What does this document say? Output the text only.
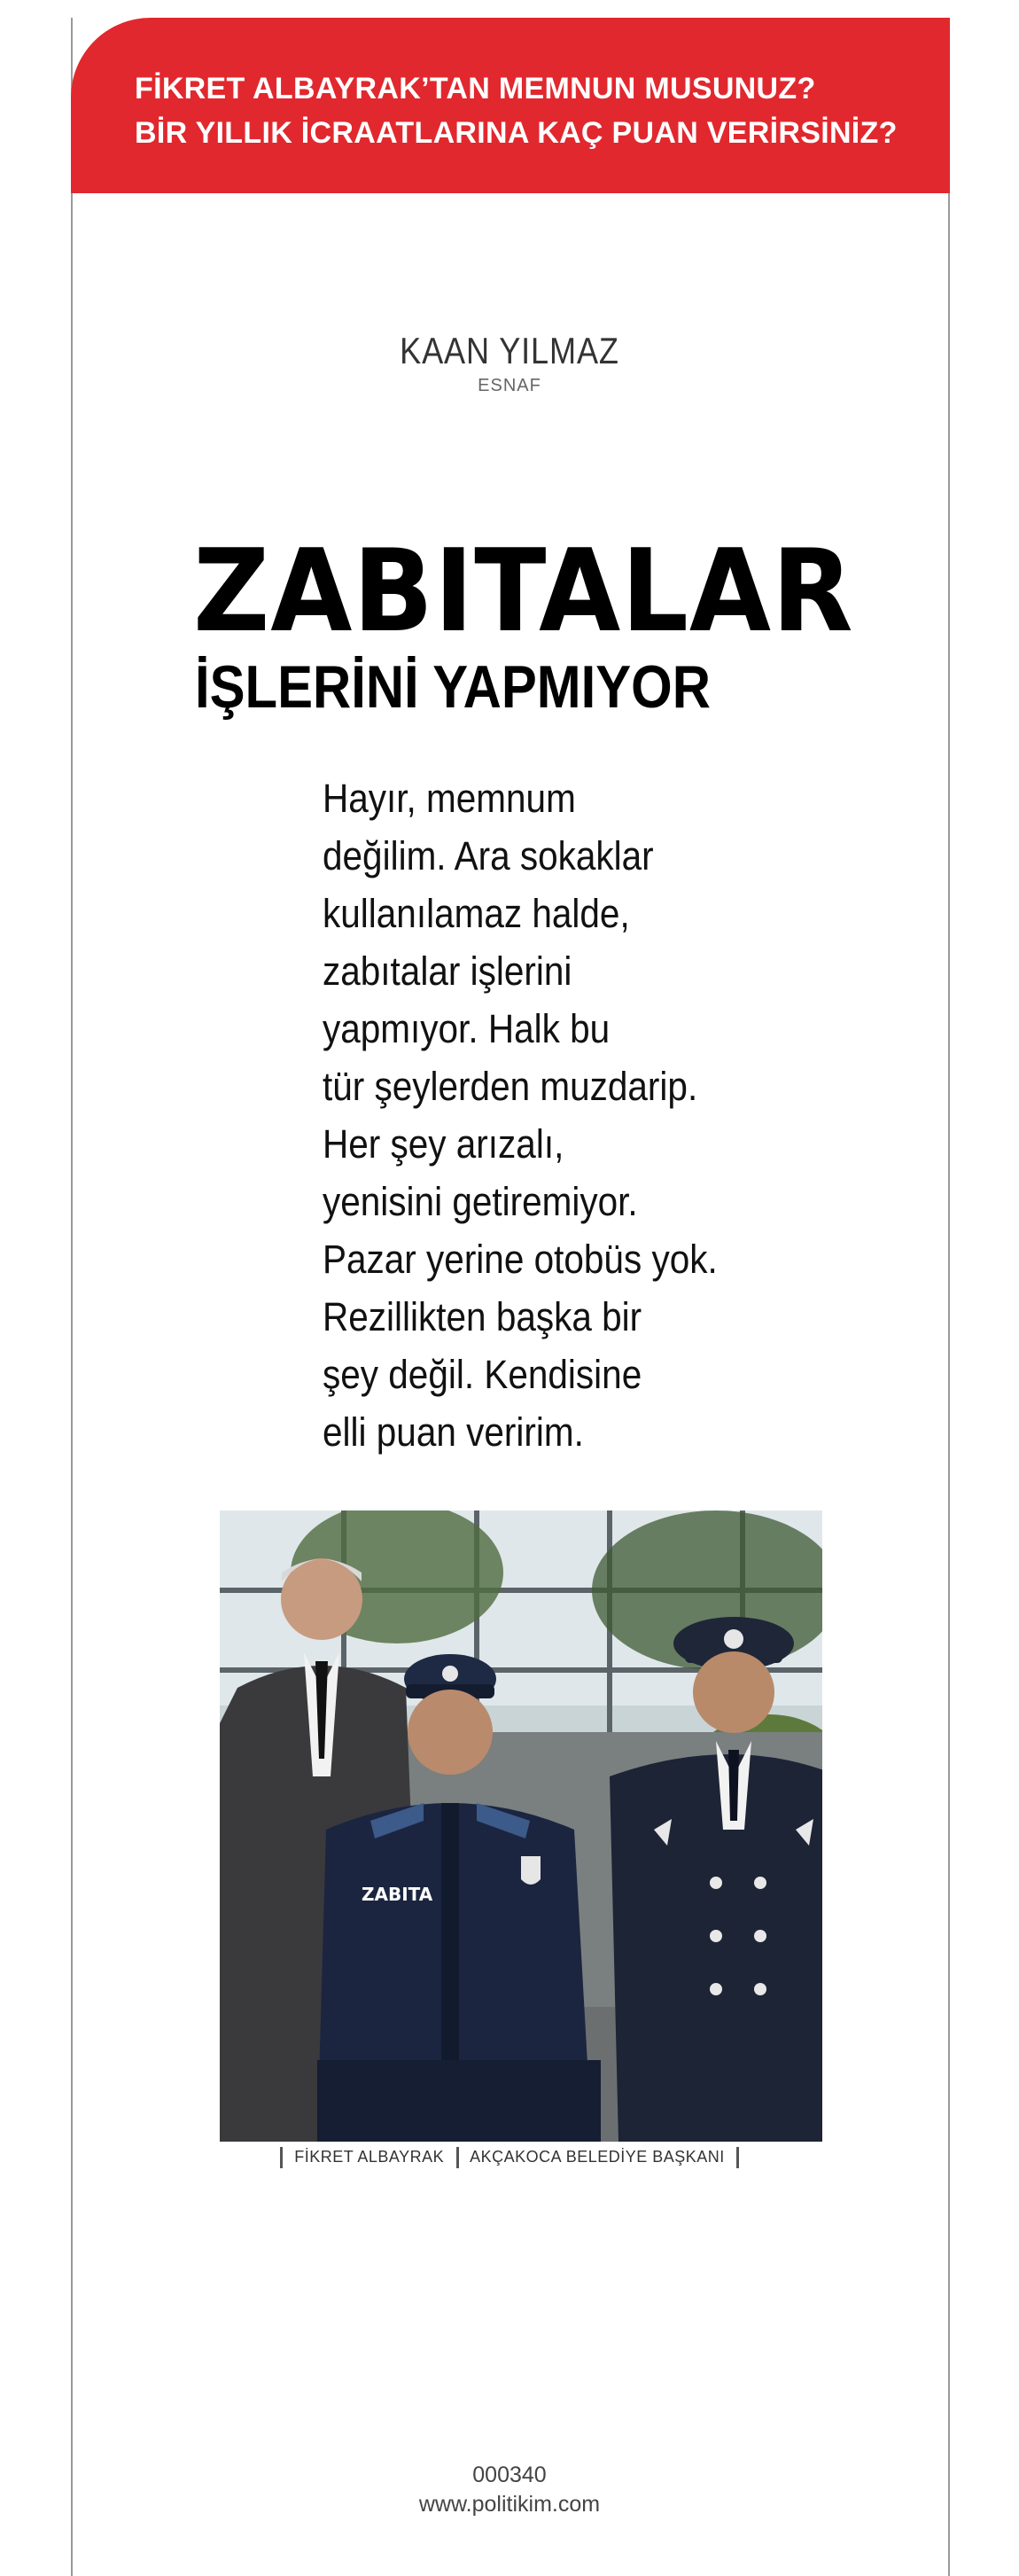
FİKRET ALBAYRAK’TAN MEMNUN MUSUNUZ?
BİR YILLIK İCRAATLARINA KAÇ PUAN VERİRSİNİZ?
KAAN YILMAZ
ESNAF
ZABITALAR
İŞLERİNİ YAPMIYOR
Hayır, memnum
değilim. Ara sokaklar
kullanılamaz halde,
zabıtalar işlerini
yapmıyor. Halk bu
tür şeylerden muzdarip.
Her şey arızalı,
yenisini getiremiyor.
Pazar yerine otobüs yok.
Rezillikten başka bir
şey değil. Kendisine
elli puan veririm.
ZABITA
FİKRET ALBAYRAK AKÇAKOCA BELEDİYE BAŞKANI
000340
www.politikim.com
